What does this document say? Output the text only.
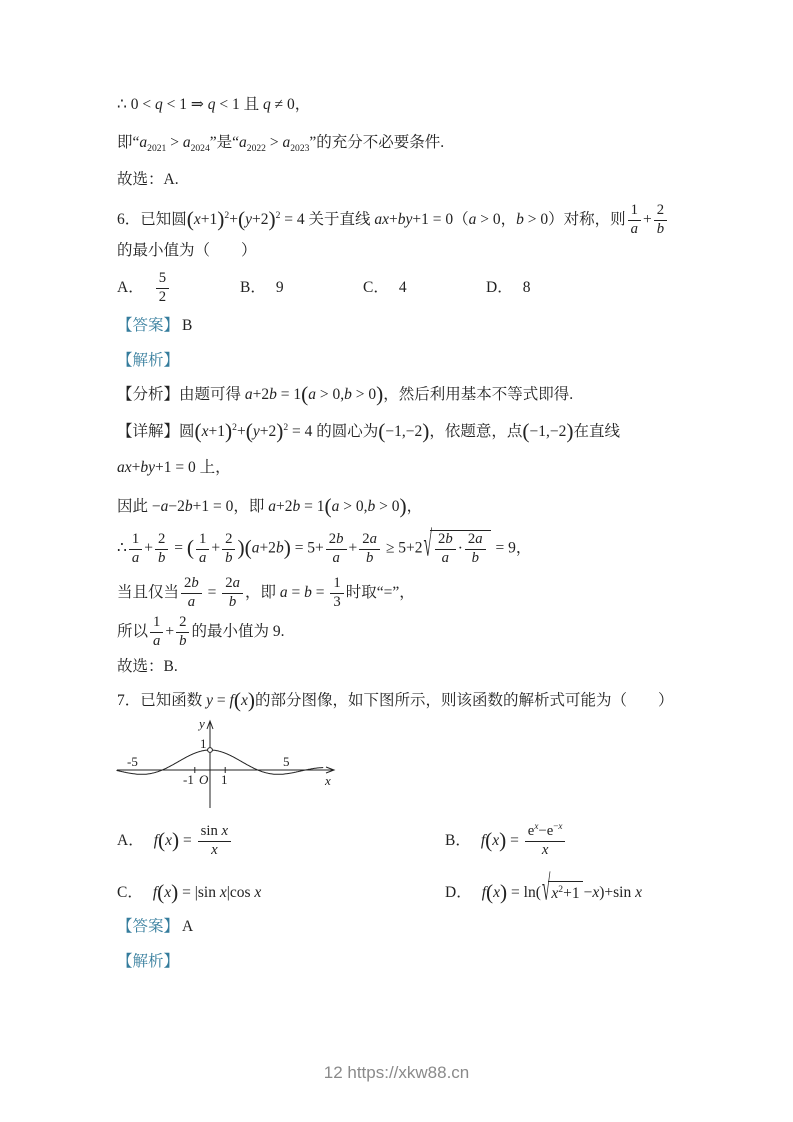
∴ 0 < q < 1 ⇒ q < 1 且 q ≠ 0，
即“$a_{2021} > a_{2024}$”是“$a_{2022} > a_{2023}$”的充分不必要条件.
故选：A.
6．已知圆$(x+1)^2+(y+2)^2 = 4$ 关于直线 ax+by+1 = 0（a > 0，b > 0）对称，则 $\frac{1}{a} + \frac{2}{b}$
的最小值为（　　）
A． $\frac{5}{2}$	B． 9	C． 4	D． 8
【答案】 B
【解析】
【分析】由题可得 a+2b = 1(a > 0,b > 0)，然后利用基本不等式即得.
【详解】圆$(x+1)^2+(y+2)^2 = 4$ 的圆心为(−1,−2)，依题意，点(−1,−2)在直线
ax+by+1 = 0 上，
因此 −a−2b+1 = 0，即 a+2b = 1(a > 0,b > 0)，
∴ $\frac{1}{a} + \frac{2}{b}$ = ( $\frac{1}{a} + \frac{2}{b} )(a+2b) = 5+ \frac{2b}{a} + \frac{2a}{b} \ge 5+2$ √ $\frac{2b}{a} \cdot \frac{2a}{b} = 9$，
当且仅当 $\frac{2b}{a} = \frac{2a}{b}$ ，即 $a = b = \frac{1}{3}$ 时取“=”，
所以 $\frac{1}{a} + \frac{2}{b}$ 的最小值为 9.
故选：B.
7．已知函数 y = f(x)的部分图像，如下图所示，则该函数的解析式可能为（　　）
y
x
O
-1 1
-5	5
1
A． $f(x) = \frac{\text{sin x}}{x}$	B． $f(x) = \frac{e^x-e^{-x}}{x}$
C． f(x) = |sin x|cos x	D． f(x) = ln( √ $x^2+1 -x)+\sin$ x
【答案】 A
【解析】
12 https://xkw88.cn
